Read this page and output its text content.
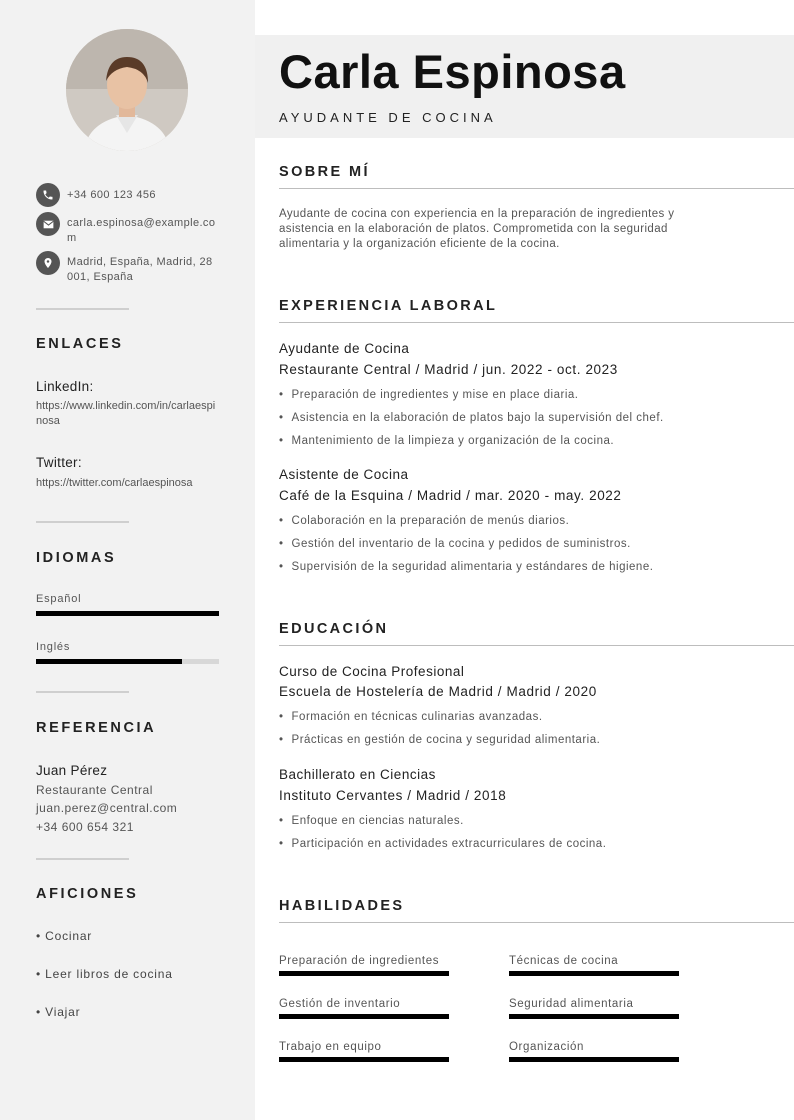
+34 600 123 456
carla.espinosa@example.com
Madrid, España, Madrid, 28001, España
ENLACES
LinkedIn:
https://www.linkedin.com/in/carlaespinosa
Twitter:
https://twitter.com/carlaespinosa
IDIOMAS
Español
Inglés
REFERENCIA
Juan Pérez
Restaurante Central
juan.perez@central.com
+34 600 654 321
AFICIONES
• Cocinar
• Leer libros de cocina
• Viajar
Carla Espinosa
AYUDANTE DE COCINA
SOBRE MÍ

Ayudante de cocina con experiencia en la preparación de ingredientes y asistencia en la elaboración de platos. Comprometida con la seguridad alimentaria y la organización eficiente de la cocina.

EXPERIENCIA LABORAL
Ayudante de Cocina
Restaurante Central / Madrid / jun. 2022 - oct. 2023
• Preparación de ingredientes y mise en place diaria.
• Asistencia en la elaboración de platos bajo la supervisión del chef.
• Mantenimiento de la limpieza y organización de la cocina.
Asistente de Cocina
Café de la Esquina / Madrid / mar. 2020 - may. 2022
• Colaboración en la preparación de menús diarios.
• Gestión del inventario de la cocina y pedidos de suministros.
• Supervisión de la seguridad alimentaria y estándares de higiene.
EDUCACIÓN
Curso de Cocina Profesional
Escuela de Hostelería de Madrid / Madrid / 2020
• Formación en técnicas culinarias avanzadas.
• Prácticas en gestión de cocina y seguridad alimentaria.
Bachillerato en Ciencias
Instituto Cervantes / Madrid / 2018
• Enfoque en ciencias naturales.
• Participación en actividades extracurriculares de cocina.
HABILIDADES
Preparación de ingredientes	Técnicas de cocina
Gestión de inventario	Seguridad alimentaria
Trabajo en equipo	Organización
